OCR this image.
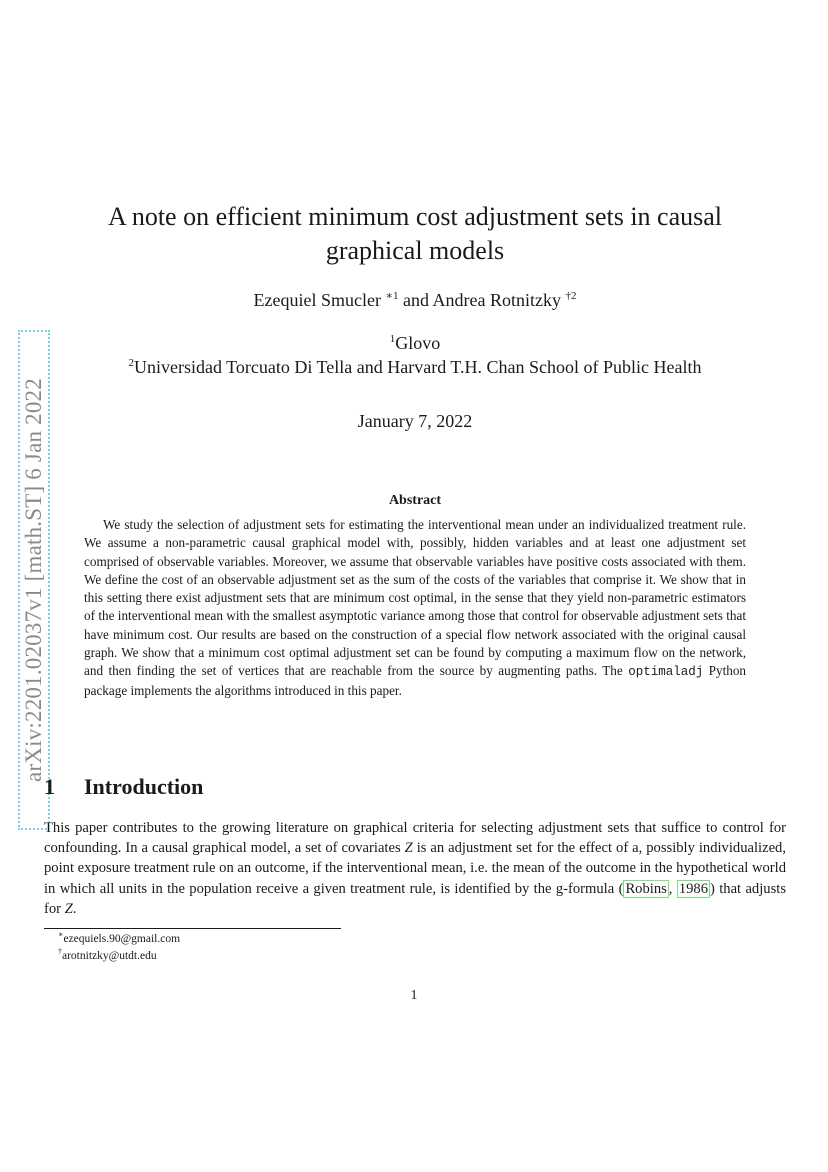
arXiv:2201.02037v1 [math.ST] 6 Jan 2022
A note on efficient minimum cost adjustment sets in causal graphical models
Ezequiel Smucler $^{∗1}$ and Andrea Rotnitzky $^{\dagger 2}$
$^1$Glovo
$^2$Universidad Torcuato Di Tella and Harvard T.H. Chan School of Public Health
January 7, 2022
Abstract

We study the selection of adjustment sets for estimating the interventional mean under an individualized treatment rule. We assume a non-parametric causal graphical model with, possibly, hidden variables and at least one adjustment set comprised of observable variables. Moreover, we assume that observable variables have positive costs associated with them. We define the cost of an observable adjustment set as the sum of the costs of the variables that comprise it. We show that in this setting there exist adjustment sets that are minimum cost optimal, in the sense that they yield non-parametric estimators of the interventional mean with the smallest asymptotic variance among those that control for observable adjustment sets that have minimum cost. Our results are based on the construction of a special flow network associated with the original causal graph. We show that a minimum cost optimal adjustment set can be found by computing a maximum flow on the network, and then finding the set of vertices that are reachable from the source by augmenting paths. The optimaladj Python package implements the algorithms introduced in this paper.

1 Introduction

This paper contributes to the growing literature on graphical criteria for selecting adjustment sets that suffice to control for confounding. In a causal graphical model, a set of covariates Z is an adjustment set for the effect of a, possibly individualized, point exposure treatment rule on an outcome, if the interventional mean, i.e. the mean of the outcome in the hypothetical world in which all units in the population receive a given treatment rule, is identified by the g-formula ( Robins , 1986 ) that adjusts for Z.

∗ezequiels.90@gmail.com
†arotnitzky@utdt.edu
1
